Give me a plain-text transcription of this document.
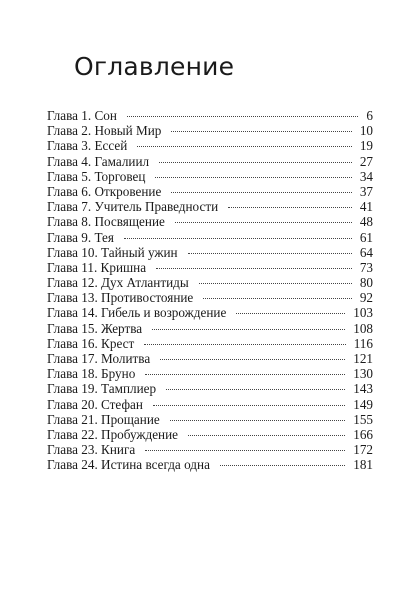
Оглавление
Глава 1. Сон	6
Глава 2. Новый Мир	10
Глава 3. Ессей	19
Глава 4. Гамалиил	27
Глава 5. Торговец	34
Глава 6. Откровение	37
Глава 7. Учитель Праведности	41
Глава 8. Посвящение	48
Глава 9. Тея	61
Глава 10. Тайный ужин	64
Глава 11. Кришна	73
Глава 12. Дух Атлантиды	80
Глава 13. Противостояние	92
Глава 14. Гибель и возрождение	103
Глава 15. Жертва	108
Глава 16. Крест	116
Глава 17. Молитва	121
Глава 18. Бруно	130
Глава 19. Тамплиер	143
Глава 20. Стефан	149
Глава 21. Прощание	155
Глава 22. Пробуждение	166
Глава 23. Книга	172
Глава 24. Истина всегда одна	181
